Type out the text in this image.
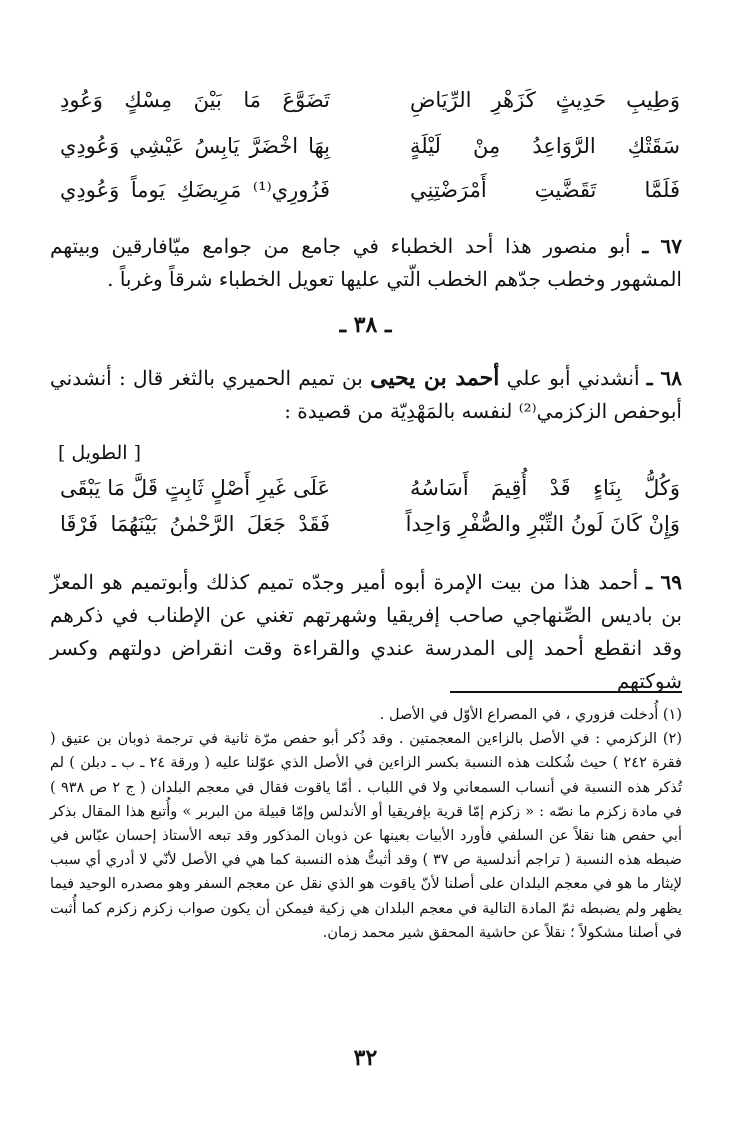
وَطِيبِ حَدِيثٍ كَزَهْرِ الرِّيَاضِ
تَضَوَّعَ مَا بَيْنَ مِسْكٍ وَعُودِ
سَقَتْكِ الرَّوَاعِدُ مِنْ لَيْلَةٍ
بِهَا اخْضَرَّ يَابِسُ عَيْشِي وَعُودِي
فَلَمَّا تَقَضَّيتِ أَمْرَضْتِنِي
فَزُورِي⁽¹⁾ مَرِيضَكِ يَوماً وَعُودِي

٦٧ ـ أبو منصور هذا أحد الخطباء في جامع من جوامع ميّافارقين وبيتهم المشهور وخطب جدّهم الخطب الّتي عليها تعويل الخطباء شرقاً وغرباً .

ـ ٣٨ ـ

٦٨ ـ أنشدني أبو علي أحمد بن يحيى بن تميم الحميري بالثغر قال : أنشدني أبوحفص الزكزمي⁽²⁾ لنفسه بالمَهْدِيّة من قصيدة :

[ الطويل ]
وَكُلُّ بِنَاءٍ قَدْ أُقِيمَ أَسَاسُهُ
عَلَى غَيرِ أَصْلٍ ثَابِتٍ قَلَّ مَا يَبْقَى
وَإِنْ كَانَ لَونُ التِّبْرِ والصُّفْرِ وَاحِداً
فَقَدْ جَعَلَ الرَّحْمٰنُ بَيْنَهُمَا فَرْقَا

٦٩ ـ أحمد هذا من بيت الإمرة أبوه أمير وجدّه تميم كذلك وأبوتميم هو المعزّ بن باديس الصِّنهاجي صاحب إفريقيا وشهرتهم تغني عن الإطناب في ذكرهم وقد انقطع أحمد إلى المدرسة عندي والقراءة وقت انقراض دولتهم وكسر شوكتهم

(١) أُدخلت فزوري ، في المصراع الأوّل في الأصل .

(٢) الزكزمي : في الأصل بالزاءين المعجمتين . وقد ذُكر أبو حفص مرّة ثانية في ترجمة ذوبان بن عتيق ( فقرة ٢٤٢ ) حيث شُكلت هذه النسبة بكسر الزاءين في الأصل الذي عوّلنا عليه ( ورقة ٢٤ ـ ب ـ دبلن ) لم تُذكر هذه النسبة في أنساب السمعاني ولا في اللباب . أمّا ياقوت فقال في معجم البلدان ( ج ٢ ص ٩٣٨ ) في مادة زكزم ما نصّه : « زكزم إمّا قرية بإفريقيا أو الأندلس وإمّا قبيلة من البربر » وأُتبع هذا المقال بذكر أبي حفص هنا نقلاً عن السلفي فأورد الأبيات بعينها عن ذوبان المذكور وقد تبعه الأستاذ إحسان عبّاس في ضبطه هذه النسبة ( تراجم أندلسية ص ٣٧ ) وقد أثبتُّ هذه النسبة كما هي في الأصل لأنّي لا أدري أي سبب لإيثار ما هو في معجم البلدان على أصلنا لأنّ ياقوت هو الذي نقل عن معجم السفر وهو مصدره الوحيد فيما يظهر ولم يضبطه ثمّ المادة التالية في معجم البلدان هي زكية فيمكن أن يكون صواب زكزم زكزم كما أُثبت في أصلنا مشكولاً ؛ نقلاً عن حاشية المحقق شير محمد زمان.

٣٢
